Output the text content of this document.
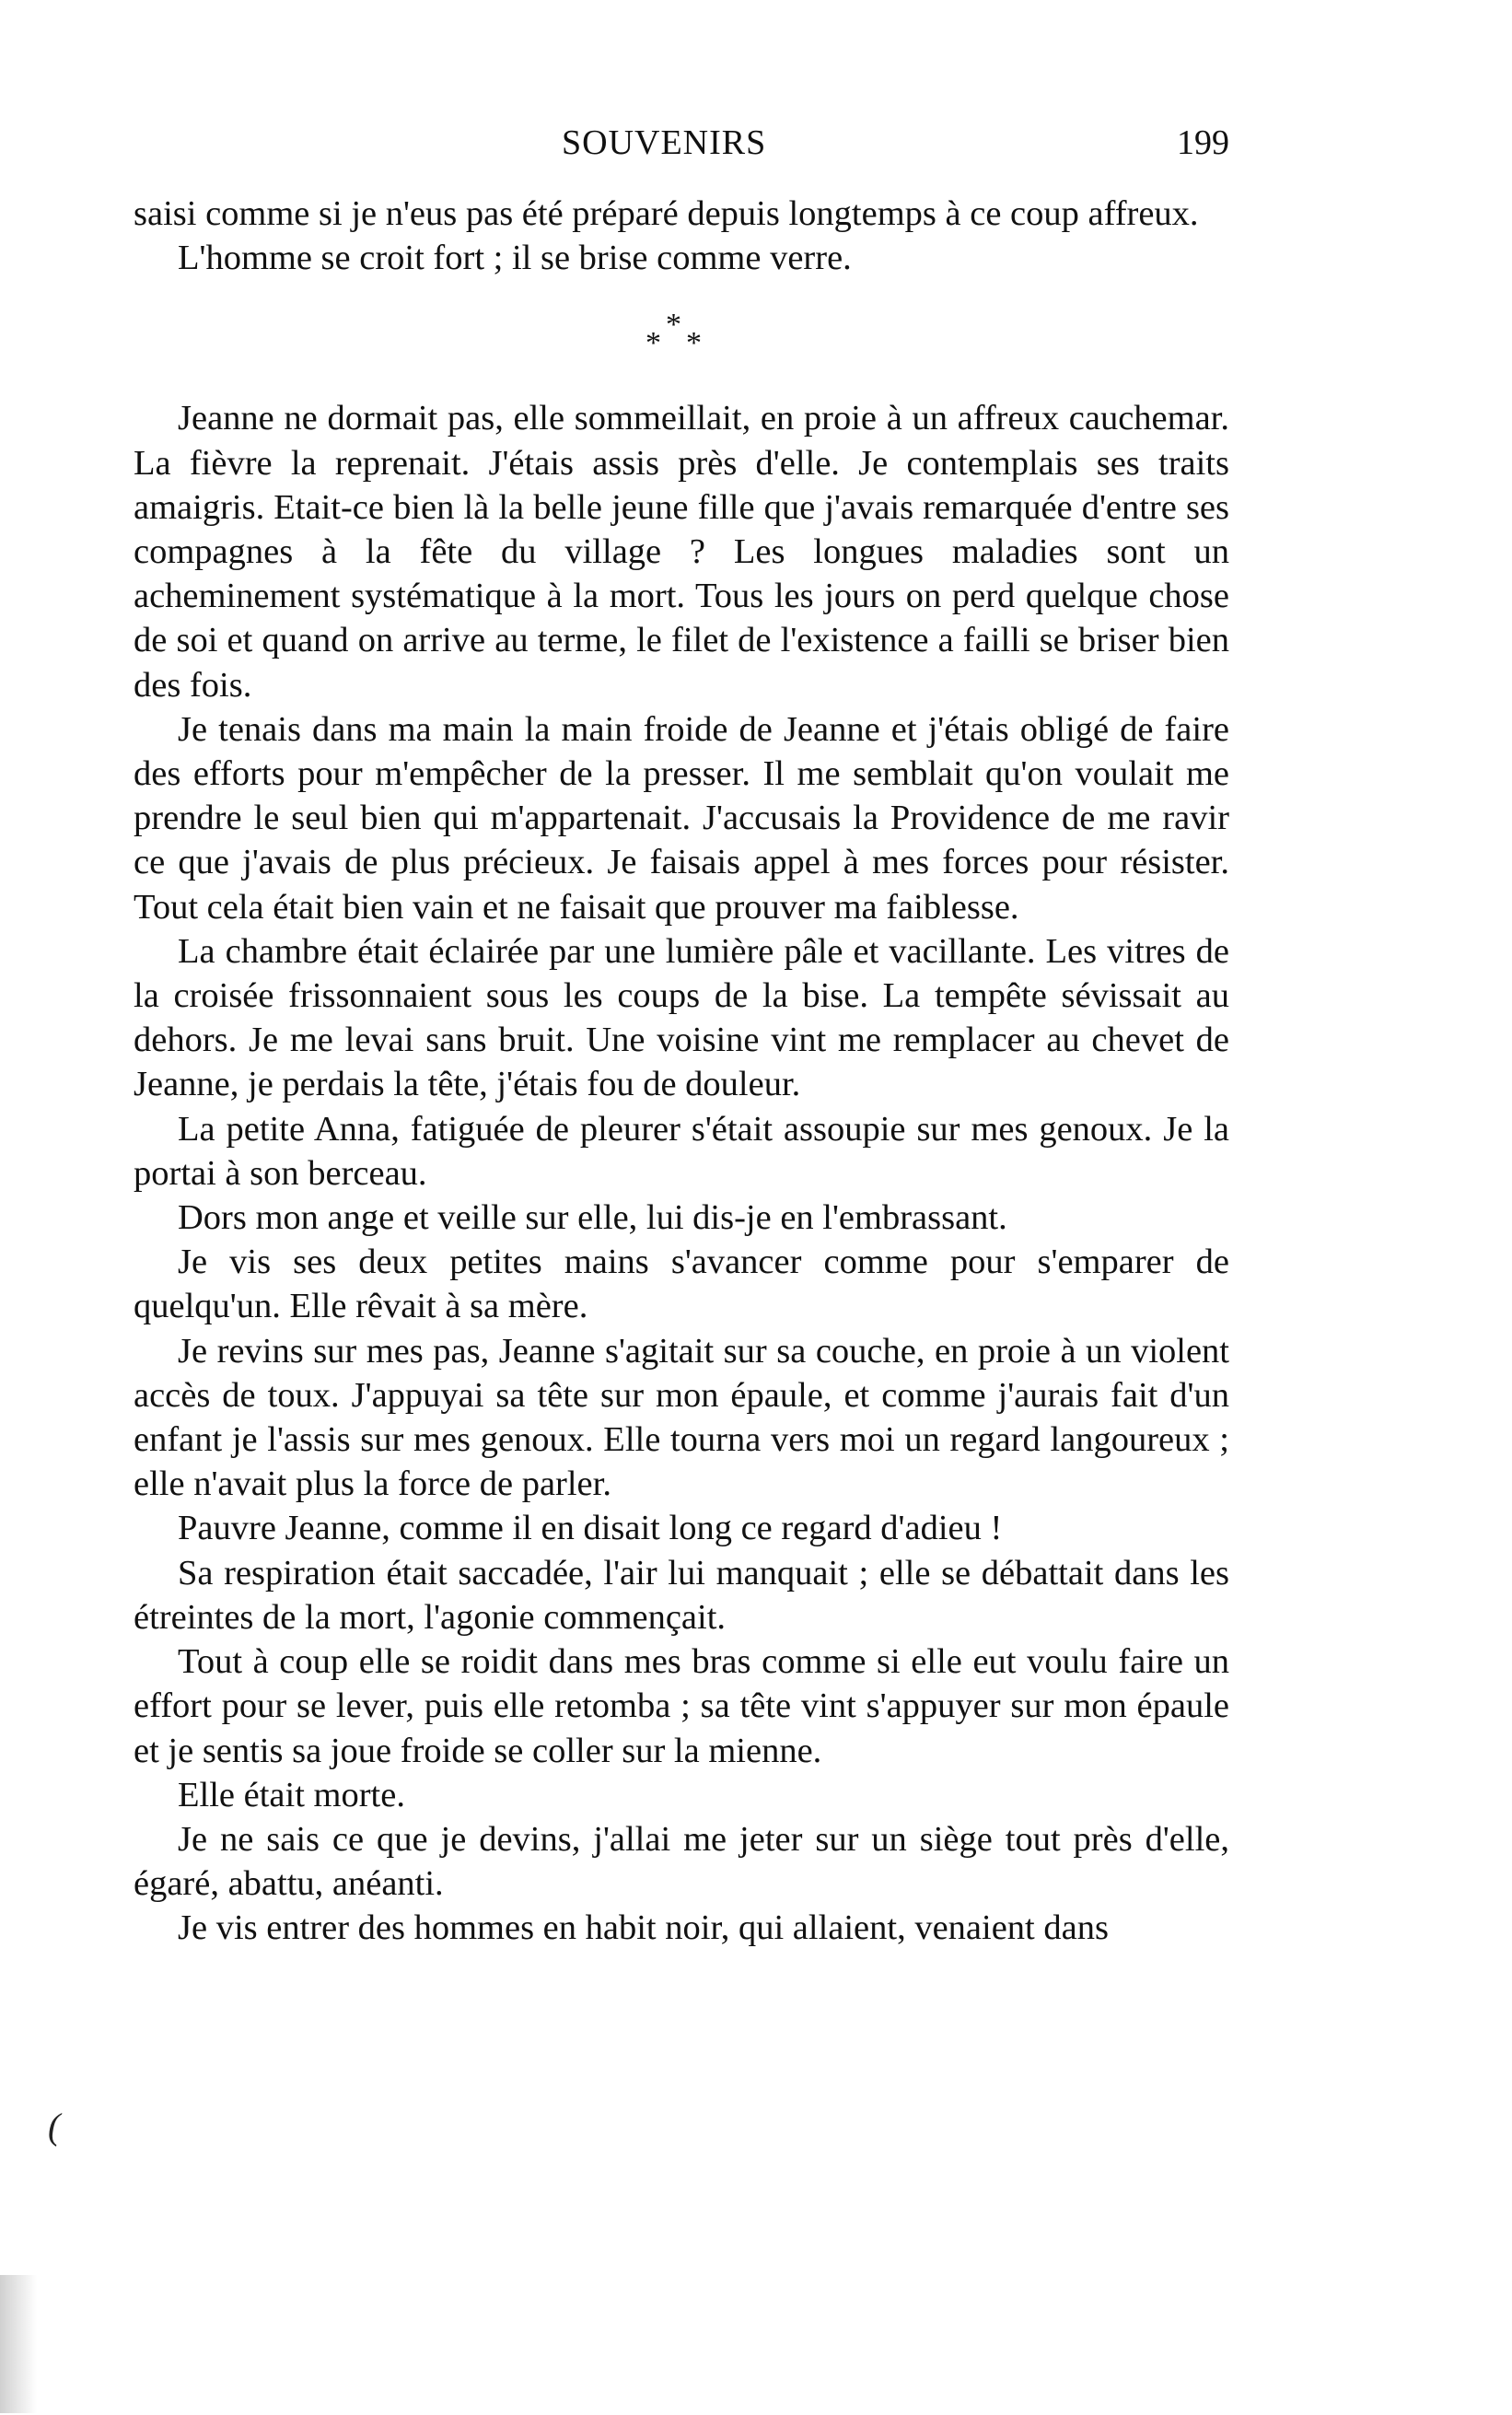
SOUVENIRS	199

saisi comme si je n'eus pas été préparé depuis longtemps à ce coup affreux.

L'homme se croit fort ; il se brise comme verre.

*
* *

Jeanne ne dormait pas, elle sommeillait, en proie à un affreux cauchemar. La fièvre la reprenait. J'étais assis près d'elle. Je contemplais ses traits amaigris. Etait-ce bien là la belle jeune fille que j'avais remarquée d'entre ses compagnes à la fête du village ? Les longues maladies sont un acheminement systématique à la mort. Tous les jours on perd quelque chose de soi et quand on arrive au terme, le filet de l'existence a failli se briser bien des fois.

Je tenais dans ma main la main froide de Jeanne et j'étais obligé de faire des efforts pour m'empêcher de la presser. Il me semblait qu'on voulait me prendre le seul bien qui m'appartenait. J'accusais la Providence de me ravir ce que j'avais de plus précieux. Je faisais appel à mes forces pour résister. Tout cela était bien vain et ne faisait que prouver ma faiblesse.

La chambre était éclairée par une lumière pâle et vacillante. Les vitres de la croisée frissonnaient sous les coups de la bise. La tempête sévissait au dehors. Je me levai sans bruit. Une voisine vint me remplacer au chevet de Jeanne, je perdais la tête, j'étais fou de douleur.

La petite Anna, fatiguée de pleurer s'était assoupie sur mes genoux. Je la portai à son berceau.

Dors mon ange et veille sur elle, lui dis-je en l'embrassant.

Je vis ses deux petites mains s'avancer comme pour s'emparer de quelqu'un. Elle rêvait à sa mère.

Je revins sur mes pas, Jeanne s'agitait sur sa couche, en proie à un violent accès de toux. J'appuyai sa tête sur mon épaule, et comme j'aurais fait d'un enfant je l'assis sur mes genoux. Elle tourna vers moi un regard langoureux ; elle n'avait plus la force de parler.

Pauvre Jeanne, comme il en disait long ce regard d'adieu !

Sa respiration était saccadée, l'air lui manquait ; elle se débattait dans les étreintes de la mort, l'agonie commençait.

Tout à coup elle se roidit dans mes bras comme si elle eut voulu faire un effort pour se lever, puis elle retomba ; sa tête vint s'appuyer sur mon épaule et je sentis sa joue froide se coller sur la mienne.

Elle était morte.

Je ne sais ce que je devins, j'allai me jeter sur un siège tout près d'elle, égaré, abattu, anéanti.

Je vis entrer des hommes en habit noir, qui allaient, venaient dans

(
